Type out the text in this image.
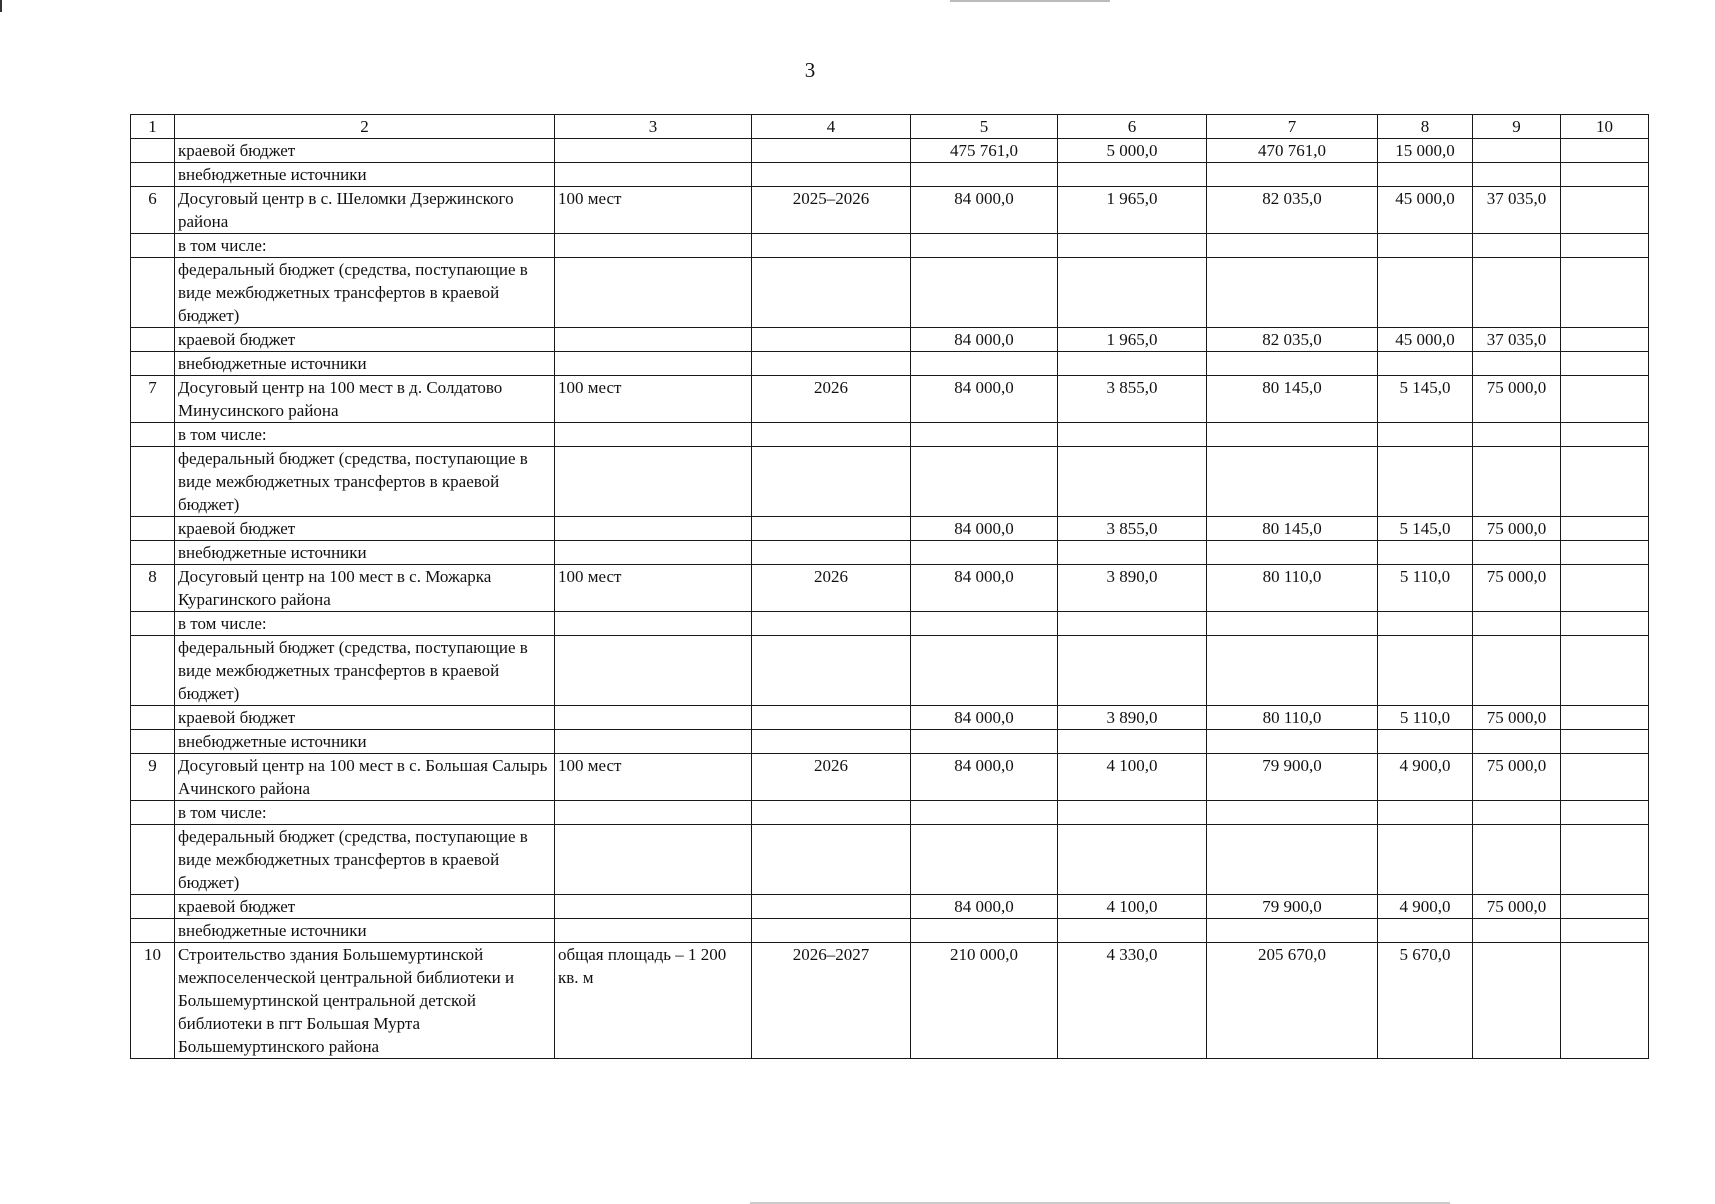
3
1	2	3	4	5	6	7	8	9	10
	краевой бюджет			475 761,0	5 000,0	470 761,0	15 000,0		
	внебюджетные источники								
6	Досуговый центр в с. Шеломки Дзержинского района	100 мест	2025–2026	84 000,0	1 965,0	82 035,0	45 000,0	37 035,0	
	в том числе:								
	федеральный бюджет (средства, поступающие в виде межбюджетных трансфертов в краевой бюджет)								
	краевой бюджет			84 000,0	1 965,0	82 035,0	45 000,0	37 035,0	
	внебюджетные источники								
7	Досуговый центр на 100 мест в д. Солдатово Минусинского района	100 мест	2026	84 000,0	3 855,0	80 145,0	5 145,0	75 000,0	
	в том числе:								
	федеральный бюджет (средства, поступающие в виде межбюджетных трансфертов в краевой бюджет)								
	краевой бюджет			84 000,0	3 855,0	80 145,0	5 145,0	75 000,0	
	внебюджетные источники								
8	Досуговый центр на 100 мест в с. Можарка Курагинского района	100 мест	2026	84 000,0	3 890,0	80 110,0	5 110,0	75 000,0	
	в том числе:								
	федеральный бюджет (средства, поступающие в виде межбюджетных трансфертов в краевой бюджет)								
	краевой бюджет			84 000,0	3 890,0	80 110,0	5 110,0	75 000,0	
	внебюджетные источники								
9	Досуговый центр на 100 мест в с. Большая Салырь Ачинского района	100 мест	2026	84 000,0	4 100,0	79 900,0	4 900,0	75 000,0	
	в том числе:								
	федеральный бюджет (средства, поступающие в виде межбюджетных трансфертов в краевой бюджет)								
	краевой бюджет			84 000,0	4 100,0	79 900,0	4 900,0	75 000,0	
	внебюджетные источники								
10	Строительство здания Большемуртинской межпоселенческой центральной библиотеки и Большемуртинской центральной детской библиотеки в пгт Большая Мурта Большемуртинского района	общая площадь – 1 200 кв. м	2026–2027	210 000,0	4 330,0	205 670,0	5 670,0		
